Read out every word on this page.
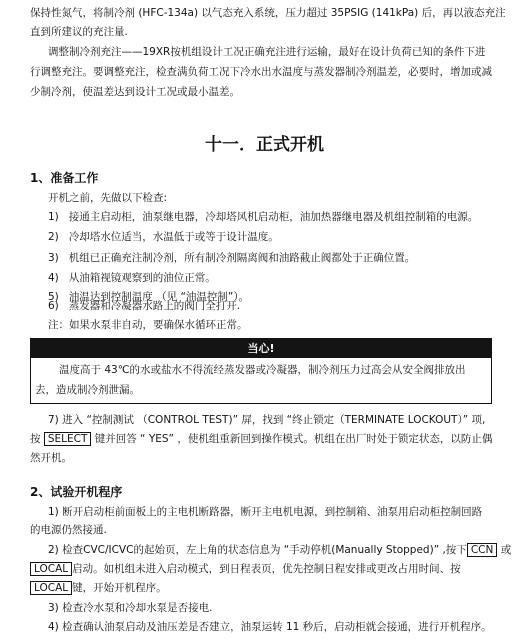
保持性氮气，将制冷剂 (HFC-134a) 以气态充入系统，压力超过 35PSIG (141kPa) 后，再以液态充注
直到所建议的充注量.
调整制冷剂充注——19XR按机组设计工况正确充注进行运输，最好在设计负荷已知的条件下进
行调整充注。要调整充注，检查满负荷工况下冷水出水温度与蒸发器制冷剂温差，必要时，增加或减
少制冷剂，使温差达到设计工况或最小温差。
十一．正式开机
1、准备工作
开机之前，先做以下检查:
1) 接通主启动柜，油泵继电器，冷却塔风机启动柜，油加热器继电器及机组控制箱的电源。
2) 冷却塔水位适当，水温低于或等于设计温度。
3) 机组已正确充注制冷剂，所有制冷剂隔离阀和油路截止阀都处于正确位置。
4) 从油箱视镜观察到的油位正常。
5) 油温达到控制温度 （见 “油温控制”）。
6) 蒸发器和冷凝器水路上的阀门全打开.
注：如果水泵非自动，要确保水循环正常。
当心!
温度高于 43℃的水或盐水不得流经蒸发器或冷凝器，制冷剂压力过高会从安全阀排放出
去，造成制冷剂泄漏。
7) 进入 “控制测试 （CONTROL TEST)” 屏，找到 “终止锁定（TERMINATE LOCKOUT）” 项,
按 SELECT 键并回答 “ YES” ，使机组重新回到操作模式。机组在出厂时处于锁定状态，以防止偶
然开机。
2、试验开机程序
1) 断开启动柜前面板上的主电机断路器，断开主电机电源，到控制箱、油泵用启动柜控制回路
的电源仍然接通.
2) 检查CVC/ICVC的起始页，左上角的状态信息为 “手动停机(Manually Stopped)” ,按下 CCN 或
LOCAL 启动。如机组未进入启动模式，到日程表页，优先控制日程安排或更改占用时间、按
LOCAL 键，开始开机程序。
3) 检查冷水泵和冷却水泵是否接电.
4) 检查确认油泵启动及油压差是否建立，油泵运转 11 秒后，启动柜就会接通，进行开机程序。
